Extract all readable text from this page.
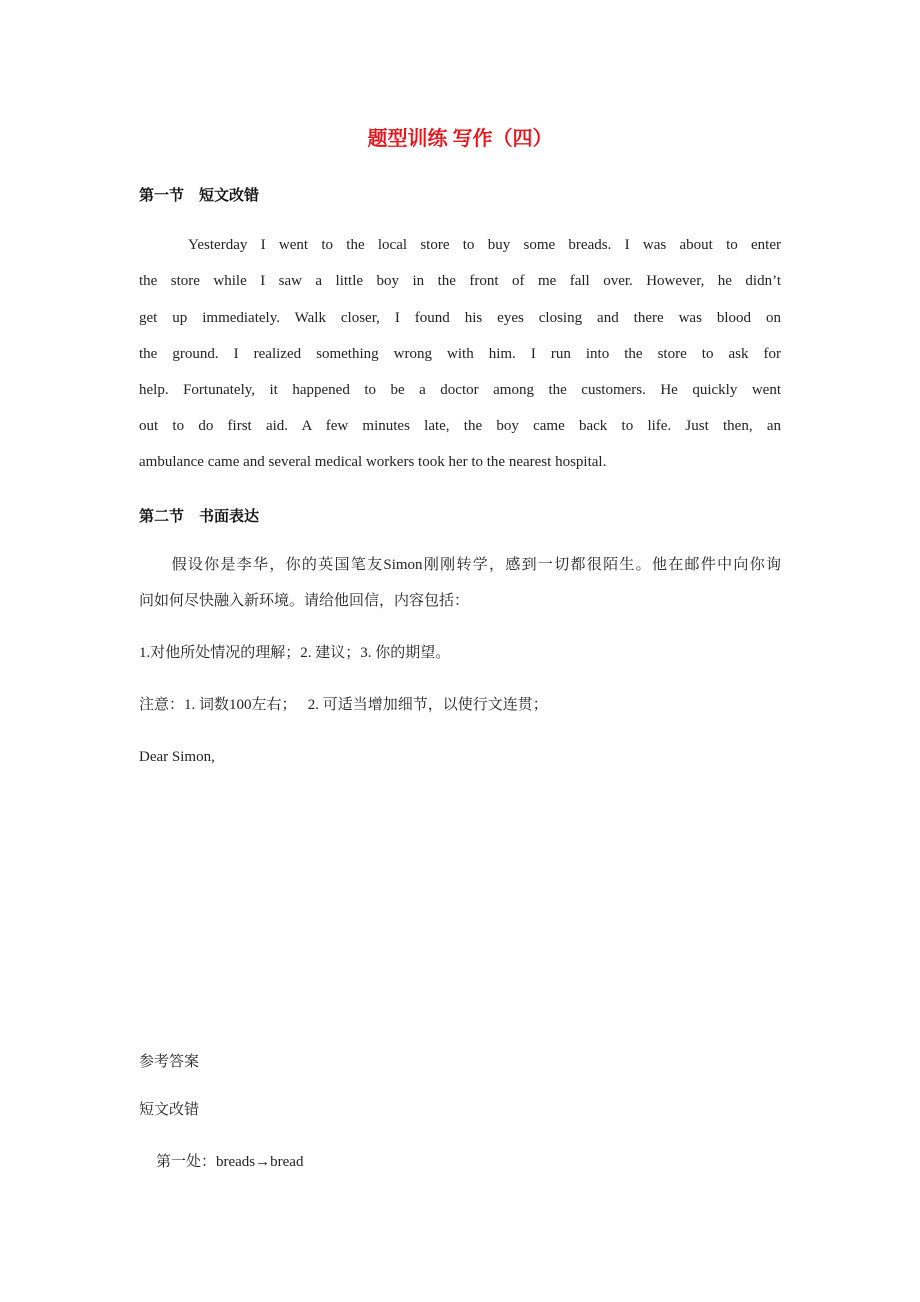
题型训练 写作（四）
第一节　短文改错
　　Yesterday I went to the local store to buy some breads. I was about to enter
the store while I saw a little boy in the front of me fall over. However, he didn’t
get up immediately. Walk closer, I found his eyes closing and there was blood on
the ground. I realized something wrong with him. I run into the store to ask for
help. Fortunately, it happened to be a doctor among the customers. He quickly went
out to do first aid. A few minutes late, the boy came back to life. Just then, an
ambulance came and several medical workers took her to the nearest hospital.
第二节　书面表达
　　假设你是李华，你的英国笔友Simon刚刚转学，感到一切都很陌生。他在邮件中向你询
问如何尽快融入新环境。请给他回信，内容包括：
1.对他所处情况的理解；2. 建议；3. 你的期望。
注意：1. 词数100左右；　 2. 可适当增加细节，以使行文连贯；
Dear Simon,
参考答案
短文改错
第一处：breads→bread
